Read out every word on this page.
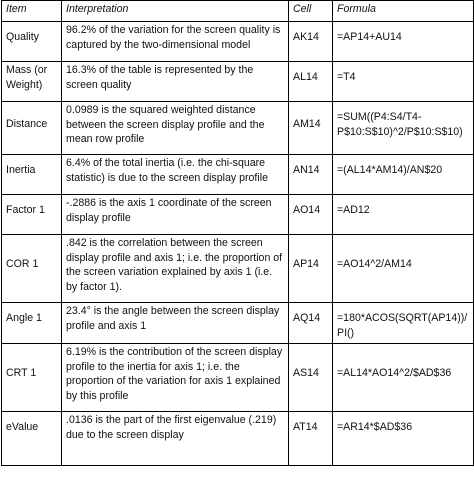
Item	Interpretation	Cell	Formula
Quality	96.2% of the variation for the screen quality is captured by the two-dimensional model	AK14	=AP14+AU14
Mass (or Weight)	16.3% of the table is represented by the screen quality	AL14	=T4
Distance	0.0989 is the squared weighted distance between the screen display profile and the mean row profile	AM14	=SUM((P4:S4/T4-P$10:S$10)^2/P$10:S$10)
Inertia	6.4% of the total inertia (i.e. the chi-square statistic) is due to the screen display profile	AN14	=(AL14*AM14)/AN$20
Factor 1	-.2886 is the axis 1 coordinate of the screen display profile	AO14	=AD12
COR 1	.842 is the correlation between the screen display profile and axis 1; i.e. the proportion of the screen variation explained by axis 1 (i.e. by factor 1).	AP14	=AO14^2/AM14
Angle 1	23.4° is the angle between the screen display profile and axis 1	AQ14	=180*ACOS(SQRT(AP14))/PI()
CRT 1	6.19% is the contribution of the screen display profile to the inertia for axis 1; i.e. the proportion of the variation for axis 1 explained by this profile	AS14	=AL14*AO14^2/$AD$36
eValue	.0136 is the part of the first eigenvalue (.219) due to the screen display	AT14	=AR14*$AD$36
